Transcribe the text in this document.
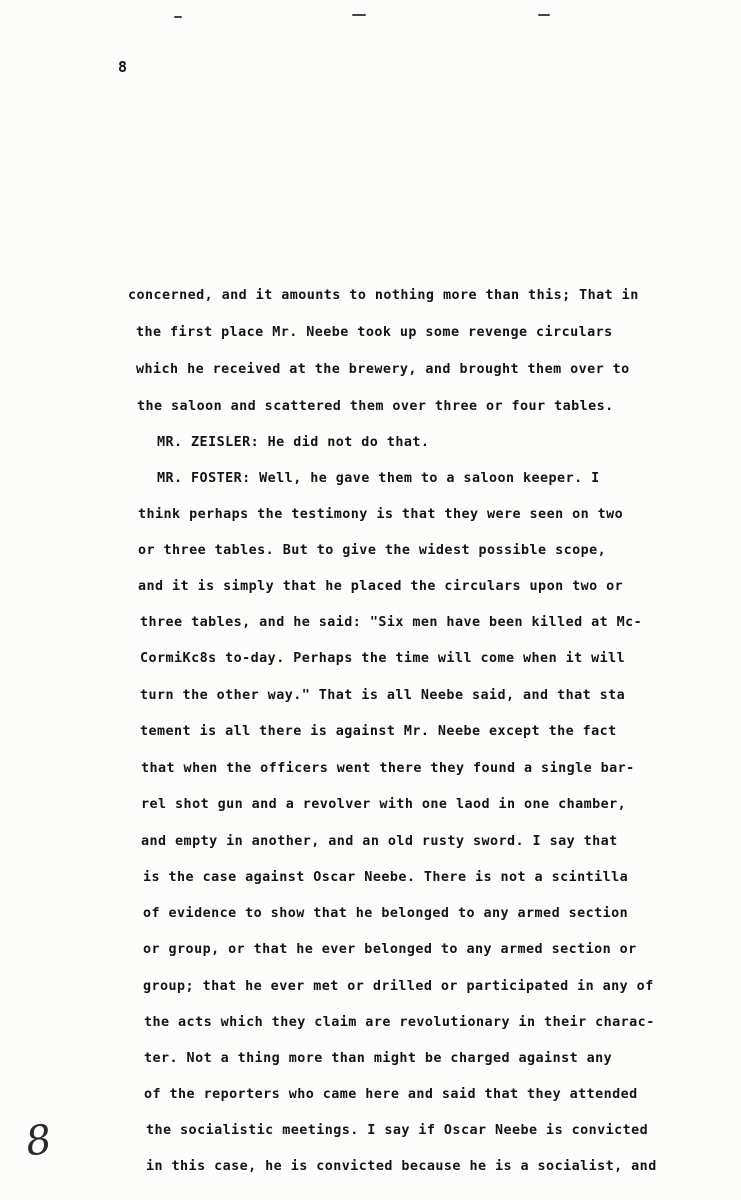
8
concerned, and it amounts to nothing more than this; That in
the first place Mr. Neebe took up some revenge circulars
which he received at the brewery, and brought them over to
the saloon and scattered them over three or four tables.
MR. ZEISLER: He did not do that.
MR. FOSTER: Well, he gave them to a saloon keeper. I
think perhaps the testimony is that they were seen on two
or three tables. But to give the widest possible scope,
and it is simply that he placed the circulars upon two or
three tables, and he said: "Six men have been killed at Mc-
CormiKc8s to-day. Perhaps the time will come when it will
turn the other way." That is all Neebe said, and that sta
tement is all there is against Mr. Neebe except the fact
that when the officers went there they found a single bar-
rel shot gun and a revolver with one laod in one chamber,
and empty in another, and an old rusty sword. I say that
is the case against Oscar Neebe. There is not a scintilla
of evidence to show that he belonged to any armed section
or group, or that he ever belonged to any armed section or
group; that he ever met or drilled or participated in any of
the acts which they claim are revolutionary in their charac-
ter. Not a thing more than might be charged against any
of the reporters who came here and said that they attended
the socialistic meetings. I say if Oscar Neebe is convicted
in this case, he is convicted because he is a socialist, and
8
